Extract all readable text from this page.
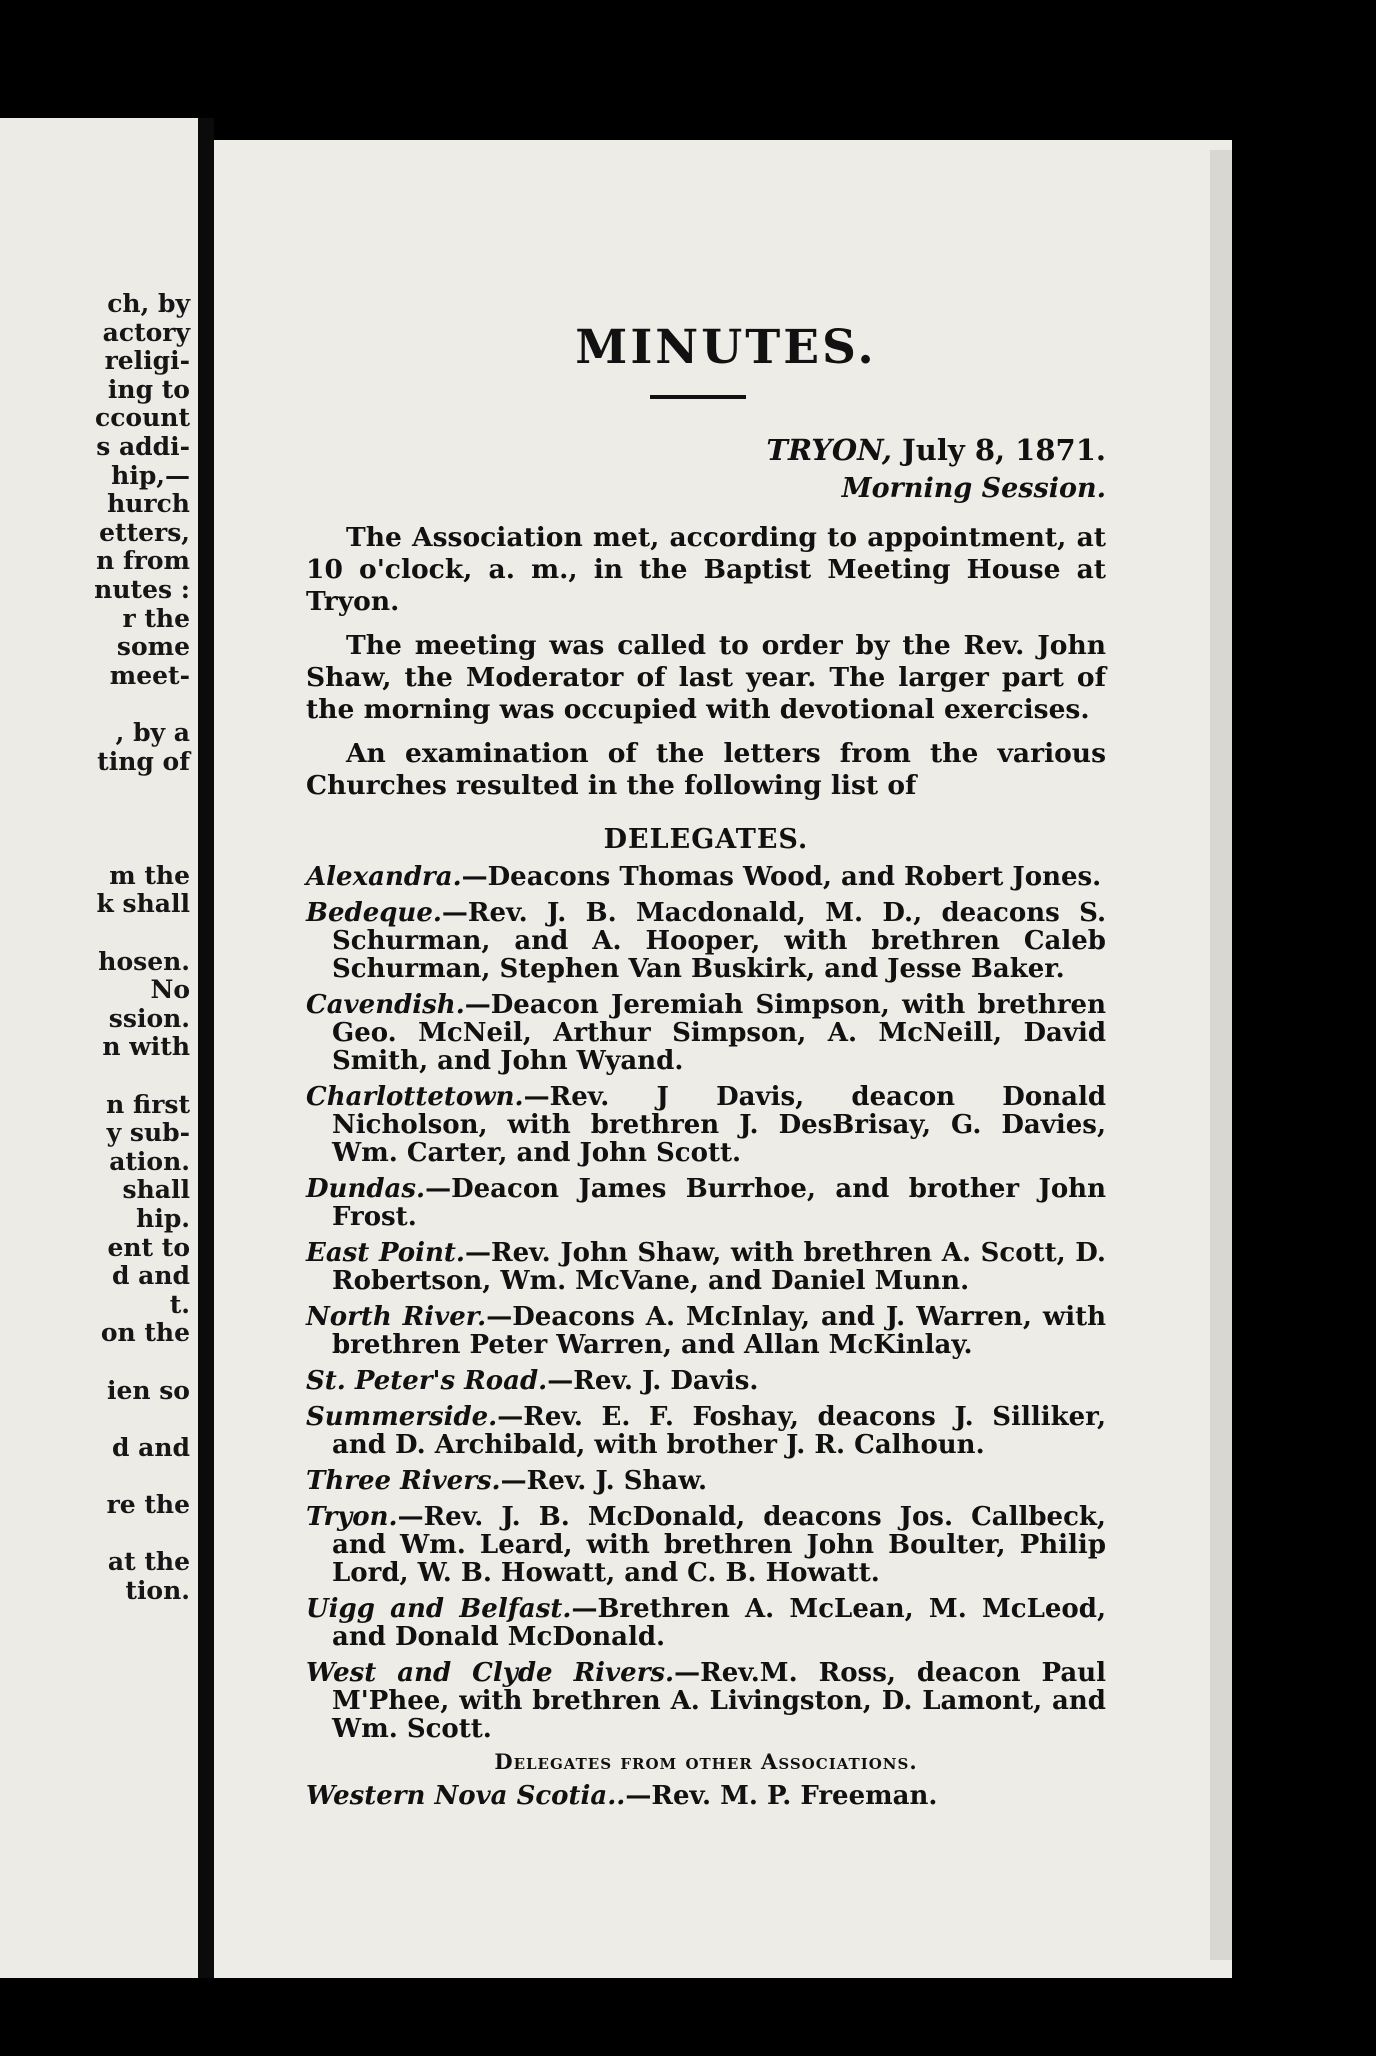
ch, by
actory
religi-
ing to
ccount
s addi-
hip,—
hurch
etters,
n from
nutes :
r the
some
meet-

, by a
ting of

m the
k shall

hosen.
No
ssion.
n with

n first
y sub-
ation.
shall
hip.
ent to
d and
t.
on the

ien so

d and

re the

at the
tion.
MINUTES.
TRYON, July 8, 1871.
Morning Session.
The Association met, according to appointment, at 10 o'clock, a. m., in the Baptist Meeting House at Tryon.
The meeting was called to order by the Rev. John Shaw, the Moderator of last year. The larger part of the morning was occupied with devotional exercises.
An examination of the letters from the various Churches resulted in the following list of
DELEGATES.
Alexandra.—Deacons Thomas Wood, and Robert Jones.
Bedeque.—Rev. J. B. Macdonald, M. D., deacons S. Schurman, and A. Hooper, with brethren Caleb Schurman, Stephen Van Buskirk, and Jesse Baker.
Cavendish.—Deacon Jeremiah Simpson, with brethren Geo. McNeil, Arthur Simpson, A. McNeill, David Smith, and John Wyand.
Charlottetown.—Rev. J Davis, deacon Donald Nicholson, with brethren J. DesBrisay, G. Davies, Wm. Carter, and John Scott.
Dundas.—Deacon James Burrhoe, and brother John Frost.
East Point.—Rev. John Shaw, with brethren A. Scott, D. Robertson, Wm. McVane, and Daniel Munn.
North River.—Deacons A. McInlay, and J. Warren, with brethren Peter Warren, and Allan McKinlay.
St. Peter's Road.—Rev. J. Davis.
Summerside.—Rev. E. F. Foshay, deacons J. Silliker, and D. Archibald, with brother J. R. Calhoun.
Three Rivers.—Rev. J. Shaw.
Tryon.—Rev. J. B. McDonald, deacons Jos. Callbeck, and Wm. Leard, with brethren John Boulter, Philip Lord, W. B. Howatt, and C. B. Howatt.
Uigg and Belfast.—Brethren A. McLean, M. McLeod, and Donald McDonald.
West and Clyde Rivers.—Rev.M. Ross, deacon Paul M'Phee, with brethren A. Livingston, D. Lamont, and Wm. Scott.
Delegates from other Associations.
Western Nova Scotia..—Rev. M. P. Freeman.
